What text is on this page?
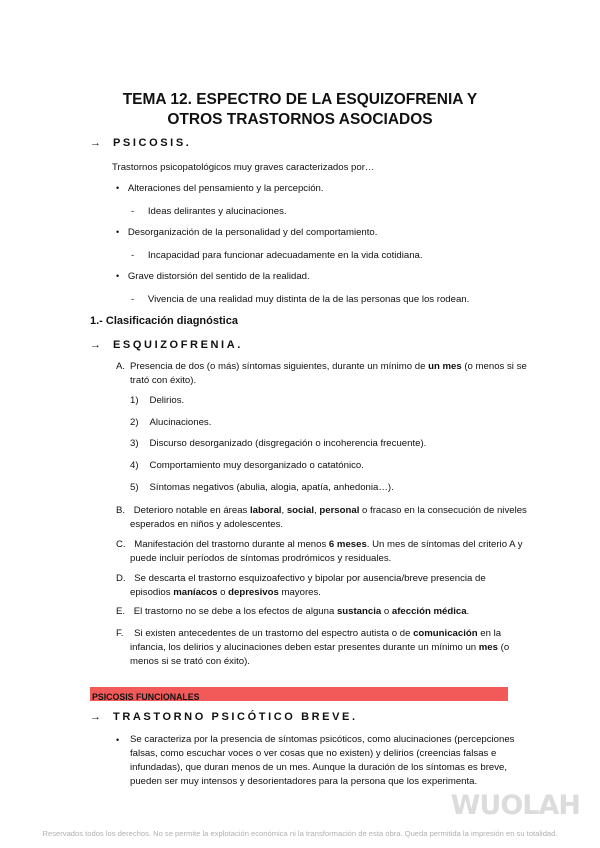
TEMA 12. ESPECTRO DE LA ESQUIZOFRENIA Y
OTROS TRASTORNOS ASOCIADOS
→ PSICOSIS.
Trastornos psicopatológicos muy graves caracterizados por…
• Alteraciones del pensamiento y la percepción.
- Ideas delirantes y alucinaciones.
• Desorganización de la personalidad y del comportamiento.
- Incapacidad para funcionar adecuadamente en la vida cotidiana.
• Grave distorsión del sentido de la realidad.
- Vivencia de una realidad muy distinta de la de las personas que los rodean.
1.- Clasificación diagnóstica
→ ESQUIZOFRENIA.
A. Presencia de dos (o más) síntomas siguientes, durante un mínimo de un mes (o menos si se
trató con éxito).
1) Delirios.
2) Alucinaciones.
3) Discurso desorganizado (disgregación o incoherencia frecuente).
4) Comportamiento muy desorganizado o catatónico.
5) Síntomas negativos (abulia, alogia, apatía, anhedonia…).
B. Deterioro notable en áreas laboral, social, personal o fracaso en la consecución de niveles
esperados en niños y adolescentes.
C. Manifestación del trastorno durante al menos 6 meses. Un mes de síntomas del criterio A y
puede incluir períodos de síntomas prodrómicos y residuales.
D. Se descarta el trastorno esquizoafectivo y bipolar por ausencia/breve presencia de
episodios maníacos o depresivos mayores.
E. El trastorno no se debe a los efectos de alguna sustancia o afección médica.
F. Si existen antecedentes de un trastorno del espectro autista o de comunicación en la
infancia, los delirios y alucinaciones deben estar presentes durante un mínimo un mes (o
menos si se trató con éxito).
PSICOSIS FUNCIONALES
→ TRASTORNO PSICÓTICO BREVE.
• Se caracteriza por la presencia de síntomas psicóticos, como alucinaciones (percepciones
falsas, como escuchar voces o ver cosas que no existen) y delirios (creencias falsas e
infundadas), que duran menos de un mes. Aunque la duración de los síntomas es breve,
pueden ser muy intensos y desorientadores para la persona que los experimenta.
WUOLAH
Reservados todos los derechos. No se permite la explotación económica ni la transformación de esta obra. Queda permitida la impresión en su totalidad.
